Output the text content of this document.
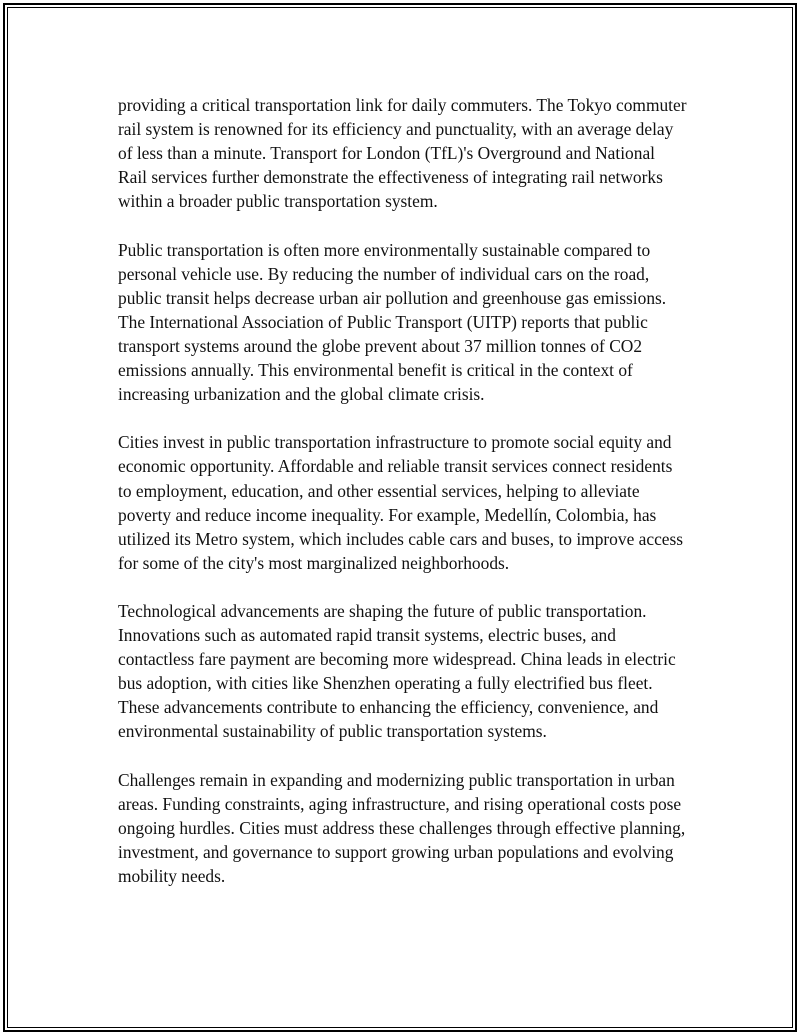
providing a critical transportation link for daily commuters. The Tokyo commuter rail system is renowned for its efficiency and punctuality, with an average delay of less than a minute. Transport for London (TfL)'s Overground and National Rail services further demonstrate the effectiveness of integrating rail networks within a broader public transportation system.

Public transportation is often more environmentally sustainable compared to personal vehicle use. By reducing the number of individual cars on the road, public transit helps decrease urban air pollution and greenhouse gas emissions. The International Association of Public Transport (UITP) reports that public transport systems around the globe prevent about 37 million tonnes of CO2 emissions annually. This environmental benefit is critical in the context of increasing urbanization and the global climate crisis.

Cities invest in public transportation infrastructure to promote social equity and economic opportunity. Affordable and reliable transit services connect residents to employment, education, and other essential services, helping to alleviate poverty and reduce income inequality. For example, Medellín, Colombia, has utilized its Metro system, which includes cable cars and buses, to improve access for some of the city's most marginalized neighborhoods.

Technological advancements are shaping the future of public transportation. Innovations such as automated rapid transit systems, electric buses, and contactless fare payment are becoming more widespread. China leads in electric bus adoption, with cities like Shenzhen operating a fully electrified bus fleet. These advancements contribute to enhancing the efficiency, convenience, and environmental sustainability of public transportation systems.

Challenges remain in expanding and modernizing public transportation in urban areas. Funding constraints, aging infrastructure, and rising operational costs pose ongoing hurdles. Cities must address these challenges through effective planning, investment, and governance to support growing urban populations and evolving mobility needs.
